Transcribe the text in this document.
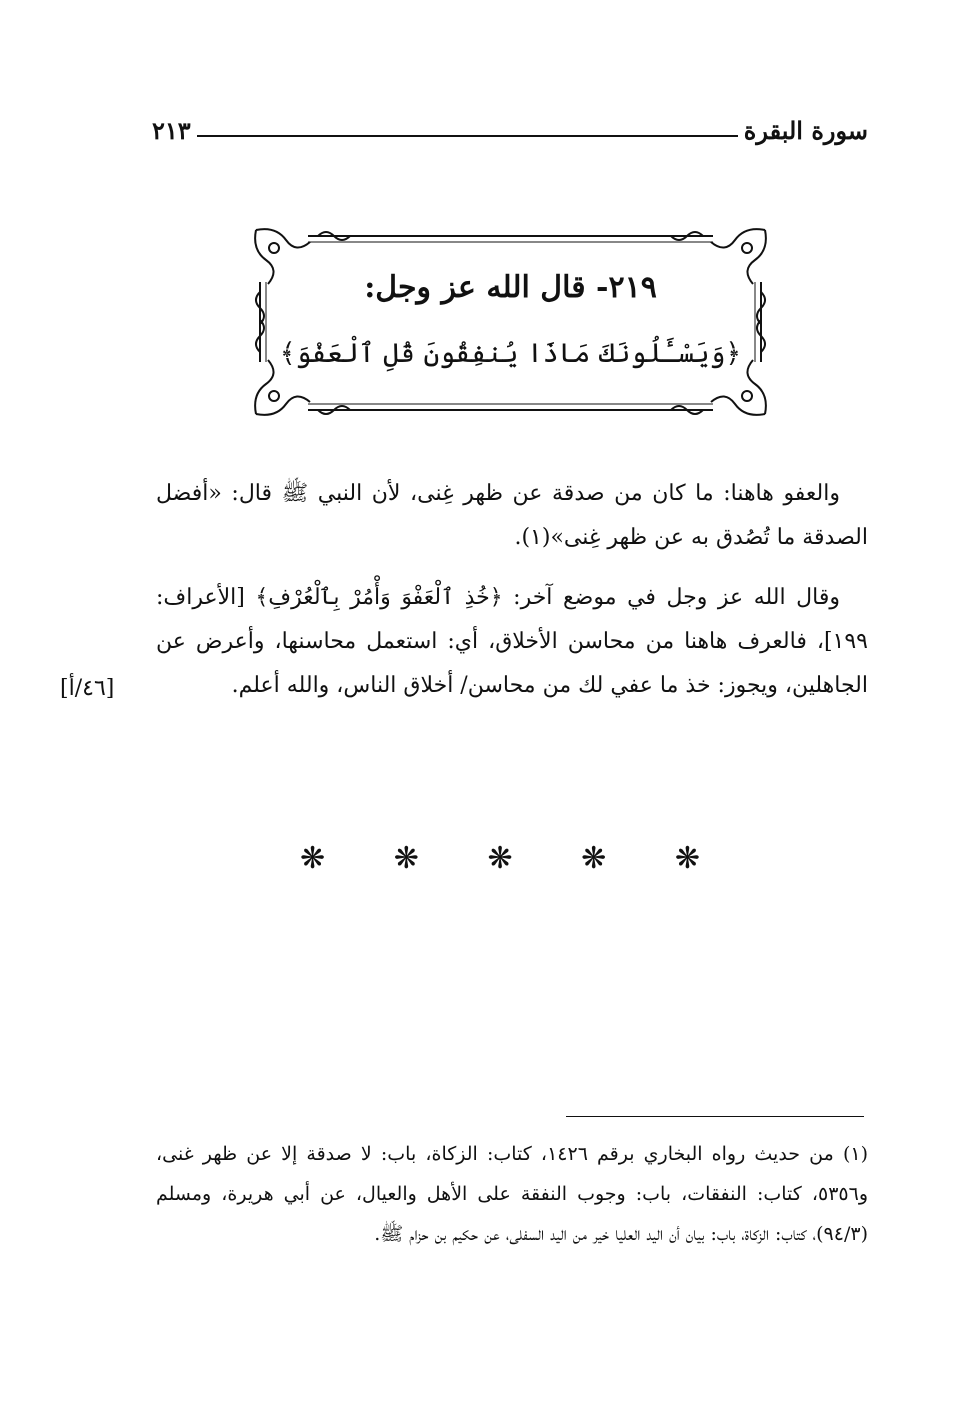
سورة البقرة
٢١٣
٢١٩- قال الله عز وجل:
﴿وَيَسْـَٔلُونَكَ مَاذَا يُنفِقُونَ قُلِ ٱلْعَفْوَ﴾

والعفو هاهنا: ما كان من صدقة عن ظهر غِنى، لأن النبي ﷺ قال: «أفضل الصدقة ما تُصُدق به عن ظهر غِنى»(١).

وقال الله عز وجل في موضع آخر: ﴿خُذِ ٱلْعَفْوَ وَأْمُرْ بِٱلْعُرْفِ﴾ [الأعراف: ١٩٩]، فالعرف هاهنا من محاسن الأخلاق، أي: استعمل محاسنها، وأعرض عن الجاهلين، ويجوز: خذ ما عفي لك من محاسن/ أخلاق الناس، والله أعلم.

[٤٦/أ]
❋
❋
❋
❋
❋
(١) من حديث رواه البخاري برقم ١٤٢٦، كتاب: الزكاة، باب: لا صدقة إلا عن ظهر غنى، و٥٣٥٦، كتاب: النفقات، باب: وجوب النفقة على الأهل والعيال، عن أبي هريرة، ومسلم (٩٤/٣)، كتاب: الزكاة، باب: بيان أن اليد العليا خير من اليد السفلى، عن حكيم بن حزام ﷺ.
